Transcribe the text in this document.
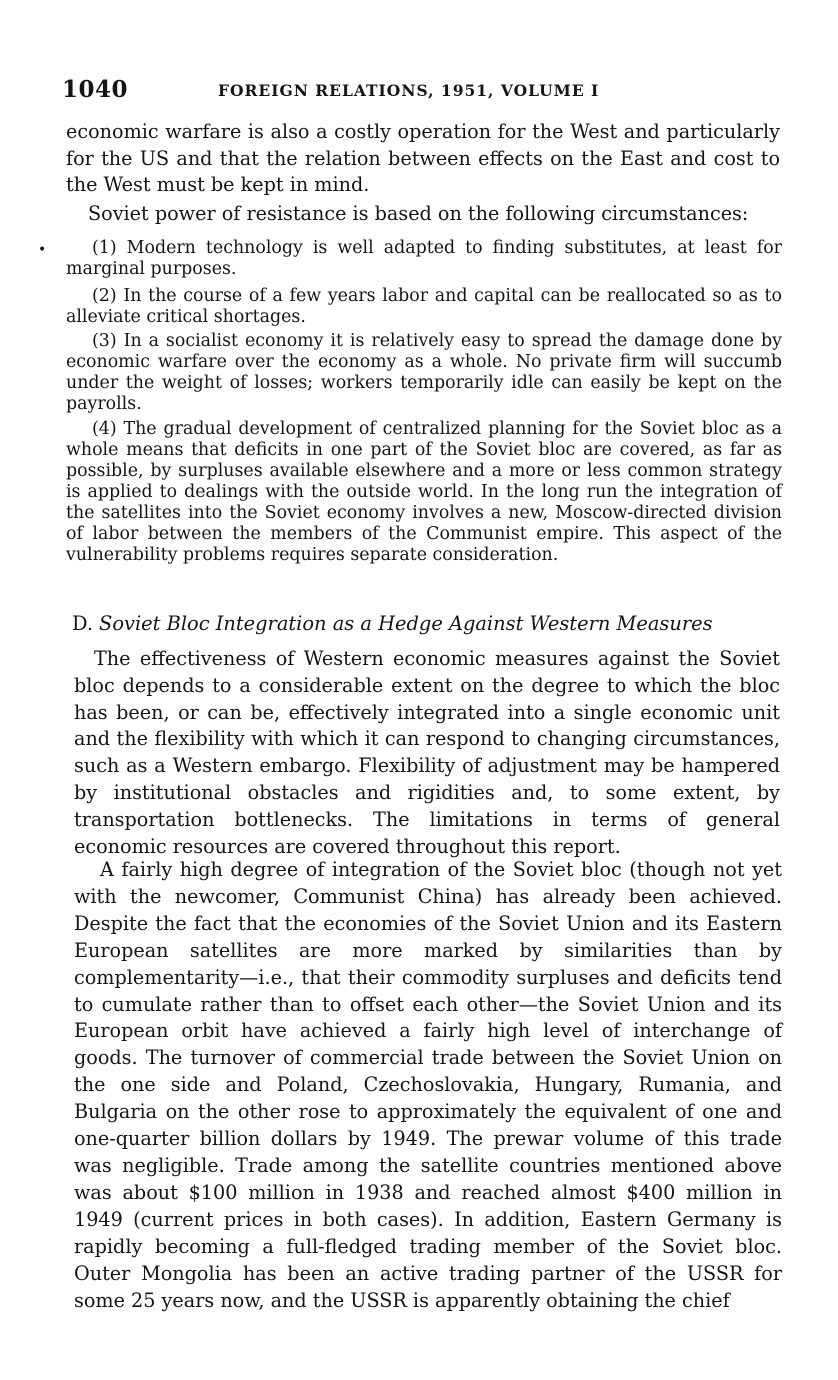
1040	FOREIGN RELATIONS, 1951, VOLUME I

economic warfare is also a costly operation for the West and particularly for the US and that the relation between effects on the East and cost to the West must be kept in mind.

Soviet power of resistance is based on the following circumstances:

•	(1) Modern technology is well adapted to finding substitutes, at least for marginal purposes.

(2) In the course of a few years labor and capital can be reallocated so as to alleviate critical shortages.

(3) In a socialist economy it is relatively easy to spread the damage done by economic warfare over the economy as a whole. No private firm will succumb under the weight of losses; workers temporarily idle can easily be kept on the payrolls.

(4) The gradual development of centralized planning for the Soviet bloc as a whole means that deficits in one part of the Soviet bloc are covered, as far as possible, by surpluses available elsewhere and a more or less common strategy is applied to dealings with the outside world. In the long run the integration of the satellites into the Soviet economy involves a new, Moscow-directed division of labor between the members of the Communist empire. This aspect of the vulnerability problems requires separate consideration.

D. Soviet Bloc Integration as a Hedge Against Western Measures

The effectiveness of Western economic measures against the Soviet bloc depends to a considerable extent on the degree to which the bloc has been, or can be, effectively integrated into a single economic unit and the flexibility with which it can respond to changing circumstances, such as a Western embargo. Flexibility of adjustment may be hampered by institutional obstacles and rigidities and, to some extent, by transportation bottlenecks. The limitations in terms of general economic resources are covered throughout this report.

A fairly high degree of integration of the Soviet bloc (though not yet with the newcomer, Communist China) has already been achieved. Despite the fact that the economies of the Soviet Union and its Eastern European satellites are more marked by similarities than by complementarity—i.e., that their commodity surpluses and deficits tend to cumulate rather than to offset each other—the Soviet Union and its European orbit have achieved a fairly high level of interchange of goods. The turnover of commercial trade between the Soviet Union on the one side and Poland, Czechoslovakia, Hungary, Rumania, and Bulgaria on the other rose to approximately the equivalent of one and one-quarter billion dollars by 1949. The prewar volume of this trade was negligible. Trade among the satellite countries mentioned above was about $100 million in 1938 and reached almost $400 million in 1949 (current prices in both cases). In addition, Eastern Germany is rapidly becoming a full-fledged trading member of the Soviet bloc. Outer Mongolia has been an active trading partner of the USSR for some 25 years now, and the USSR is apparently obtaining the chief
